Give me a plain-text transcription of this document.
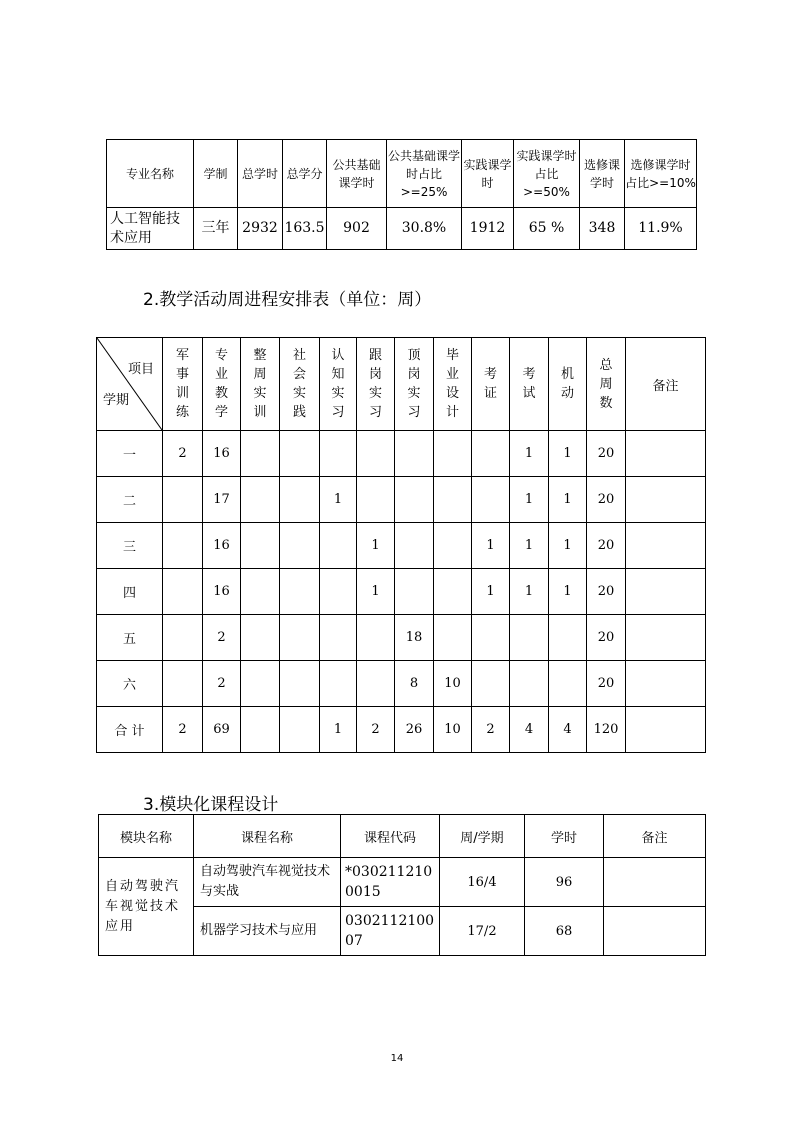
专业名称	学制	总学时	总学分	公共基础课学时	公共基础课学时占比>=25%	实践课学时	实践课学时占比>=50%	选修课学时	选修课学时占比>=10%
人工智能技术应用	三年	2932	163.5	902	30.8%	1912	65 %	348	11.9%
2.教学活动周进程安排表（单位：周）
项目
学期	军事训练	专业教学	整周实训	社会实践	认知实习	跟岗实习	顶岗实习	毕业设计	考证	考试	机动	总周数	备注
一	2	16								1	1	20	
二		17			1					1	1	20	
三		16				1			1	1	1	20	
四		16				1			1	1	1	20	
五		2					18					20	
六		2					8	10				20	
合 计	2	69			1	2	26	10	2	4	4	120	
3.模块化课程设计
模块名称	课程名称	课程代码	周/学期	学时	备注
自动驾驶汽车视觉技术应用	自动驾驶汽车视觉技术与实战	*0302112100015	16/4	96	
	机器学习技术与应用	030211210007	17/2	68	
14
